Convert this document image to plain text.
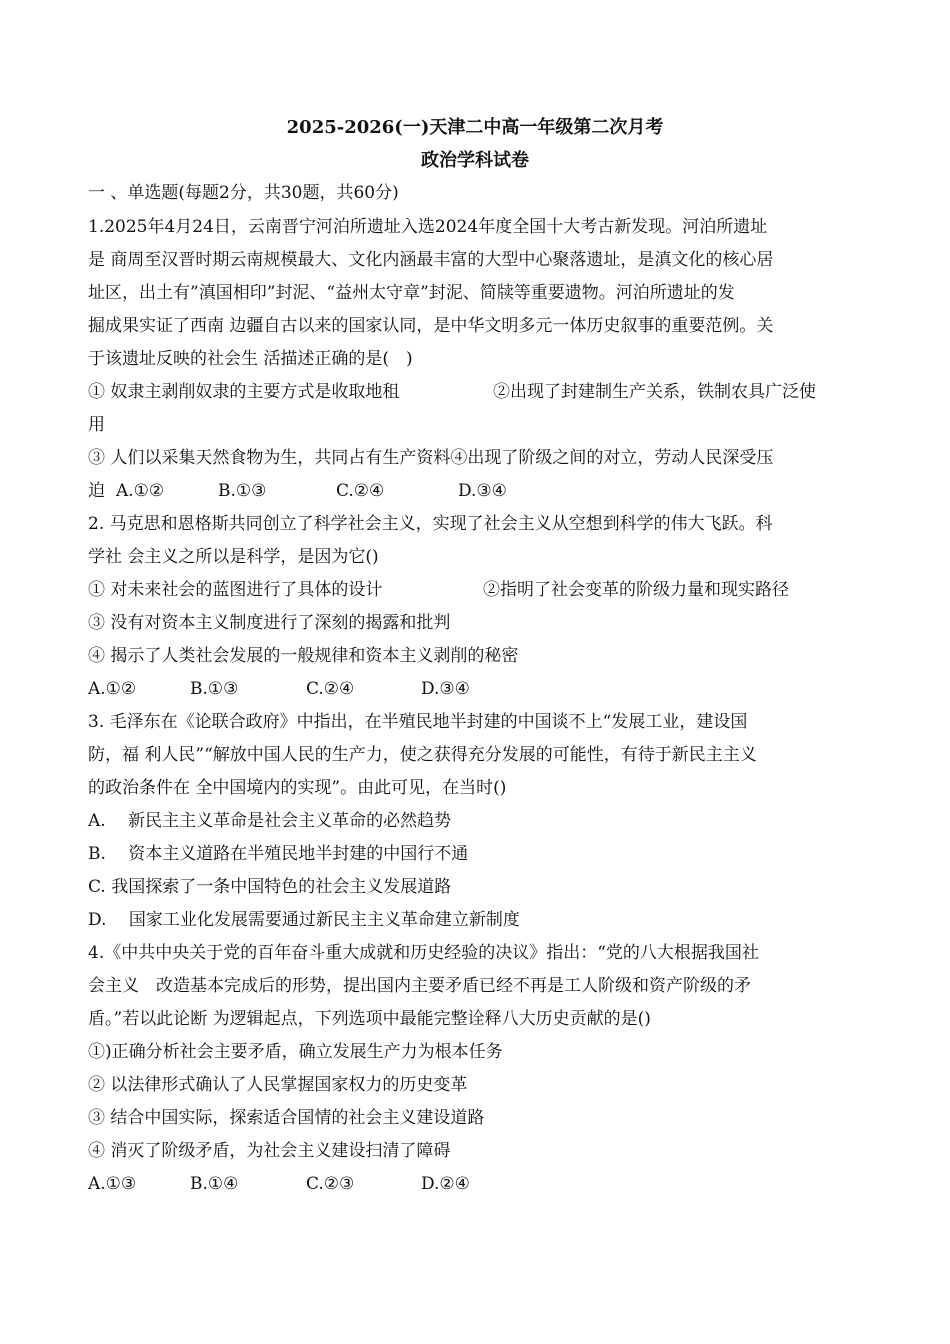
2025-2026(一)天津二中高一年级第二次月考
政治学科试卷
一 、单选题(每题2分，共30题，共60分)
1.2025年4月24日，云南晋宁河泊所遗址入选2024年度全国十大考古新发现。河泊所遗址
是 商周至汉晋时期云南规模最大、文化内涵最丰富的大型中心聚落遗址，是滇文化的核心居
址区，出土有”滇国相印”封泥、“益州太守章”封泥、简牍等重要遗物。河泊所遗址的发
掘成果实证了西南 边疆自古以来的国家认同，是中华文明多元一体历史叙事的重要范例。关
于该遗址反映的社会生 活描述正确的是(　)
① 奴隶主剥削奴隶的主要方式是收取地租	②出现了封建制生产关系，铁制农具广泛使
用
③ 人们以采集天然食物为生，共同占有生产资料④出现了阶级之间的对立，劳动人民深受压
迫 A.①②	B.①③	C.②④	D.③④
2. 马克思和恩格斯共同创立了科学社会主义，实现了社会主义从空想到科学的伟大飞跃。科
学社 会主义之所以是科学，是因为它()
① 对未来社会的蓝图进行了具体的设计	②指明了社会变革的阶级力量和现实路径
③ 没有对资本主义制度进行了深刻的揭露和批判
④ 揭示了人类社会发展的一般规律和资本主义剥削的秘密
A.①②	B.①③	C.②④	D.③④
3. 毛泽东在《论联合政府》中指出，在半殖民地半封建的中国谈不上“发展工业，建设国
防，福 利人民”“解放中国人民的生产力，使之获得充分发展的可能性，有待于新民主主义
的政治条件在 全中国境内的实现”。由此可见，在当时()
A.　 新民主主义革命是社会主义革命的必然趋势
B.　 资本主义道路在半殖民地半封建的中国行不通
C. 我国探索了一条中国特色的社会主义发展道路
D.　 国家工业化发展需要通过新民主主义革命建立新制度
4.《中共中央关于党的百年奋斗重大成就和历史经验的决议》指出：“党的八大根据我国社
会主义　改造基本完成后的形势，提出国内主要矛盾已经不再是工人阶级和资产阶级的矛
盾。”若以此论断 为逻辑起点，下列选项中最能完整诠释八大历史贡献的是()
①)正确分析社会主要矛盾，确立发展生产力为根本任务
② 以法律形式确认了人民掌握国家权力的历史变革
③ 结合中国实际，探索适合国情的社会主义建设道路
④ 消灭了阶级矛盾，为社会主义建设扫清了障碍
A.①③	B.①④	C.②③	D.②④
